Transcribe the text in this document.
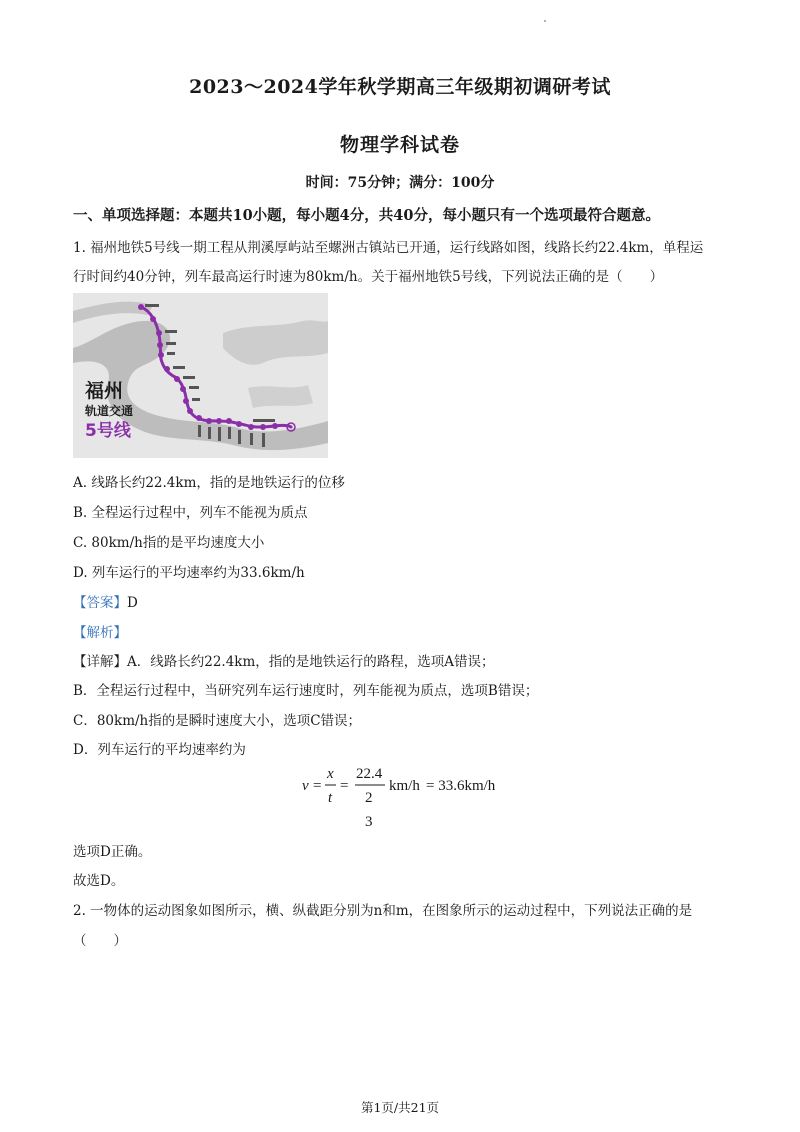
2023～2024学年秋学期高三年级期初调研考试
物理学科试卷
时间：75分钟；满分：100分
一、单项选择题：本题共10小题，每小题4分，共40分，每小题只有一个选项最符合题意。
1. 福州地铁5号线一期工程从荆溪厚屿站至螺洲古镇站已开通，运行线路如图，线路长约22.4km，单程运
行时间约40分钟，列车最高运行时速为80km/h。关于福州地铁5号线，下列说法正确的是（　　）
福州
轨道交通
5号线
A. 线路长约22.4km，指的是地铁运行的位移
B. 全程运行过程中，列车不能视为质点
C. 80km/h指的是平均速度大小
D. 列车运行的平均速率约为33.6km/h
【答案】D
【解析】
【详解】A．线路长约22.4km，指的是地铁运行的路程，选项A错误；
B．全程运行过程中，当研究列车运行速度时，列车能视为质点，选项B错误；
C．80km/h指的是瞬时速度大小，选项C错误；
D．列车运行的平均速率约为
v =
x
t
=
22.4
2
3
km/h = 33.6km/h
选项D正确。
故选D。
2. 一物体的运动图象如图所示，横、纵截距分别为n和m，在图象所示的运动过程中，下列说法正确的是
（　　）
第1页/共21页
